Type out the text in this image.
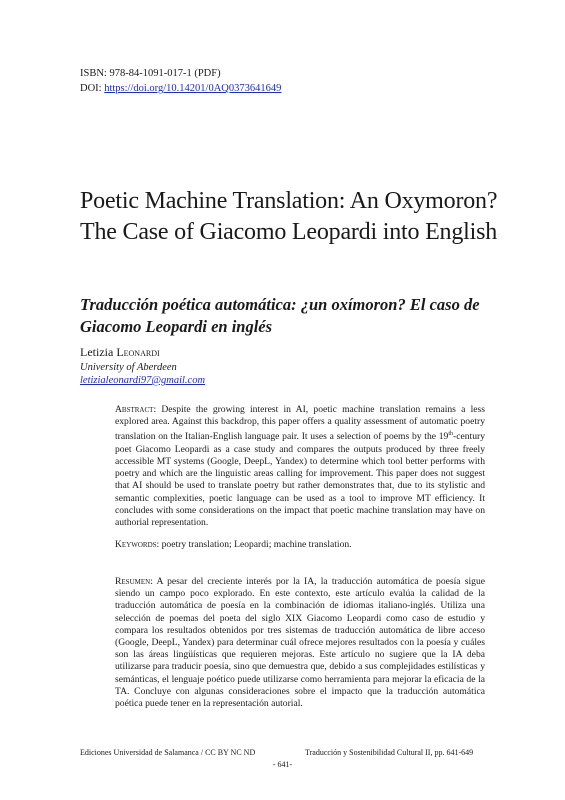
ISBN: 978-84-1091-017-1 (PDF)
DOI: https://doi.org/10.14201/0AQ0373641649
Poetic Machine Translation: An Oxymoron? The Case of Giacomo Leopardi into English
Traducción poética automática: ¿un oxímoron? El caso de Giacomo Leopardi en inglés
Letizia Leonardi
University of Aberdeen
letizialeonardi97@gmail.com

Abstract: Despite the growing interest in AI, poetic machine translation remains a less explored area. Against this backdrop, this paper offers a quality assessment of automatic poetry translation on the Italian-English language pair. It uses a selection of poems by the 19th-century poet Giacomo Leopardi as a case study and compares the outputs produced by three freely accessible MT systems (Google, DeepL, Yandex) to determine which tool better performs with poetry and which are the linguistic areas calling for improvement. This paper does not suggest that AI should be used to translate poetry but rather demonstrates that, due to its stylistic and semantic complexities, poetic language can be used as a tool to improve MT efficiency. It concludes with some considerations on the impact that poetic machine translation may have on authorial representation.

Keywords: poetry translation; Leopardi; machine translation.

Resumen: A pesar del creciente interés por la IA, la traducción automática de poesía sigue siendo un campo poco explorado. En este contexto, este artículo evalúa la calidad de la traducción automática de poesía en la combinación de idiomas italiano-inglés. Utiliza una selección de poemas del poeta del siglo XIX Giacomo Leopardi como caso de estudio y compara los resultados obtenidos por tres sistemas de traducción automática de libre acceso (Google, DeepL, Yandex) para determinar cuál ofrece mejores resultados con la poesía y cuáles son las áreas lingüísticas que requieren mejoras. Este artículo no sugiere que la IA deba utilizarse para traducir poesía, sino que demuestra que, debido a sus complejidades estilísticas y semánticas, el lenguaje poético puede utilizarse como herramienta para mejorar la eficacia de la TA. Concluye con algunas consideraciones sobre el impacto que la traducción automática poética puede tener en la representación autorial.

Ediciones Universidad de Salamanca / CC BY NC ND	Traducción y Sostenibilidad Cultural II, pp. 641-649
- 641-
